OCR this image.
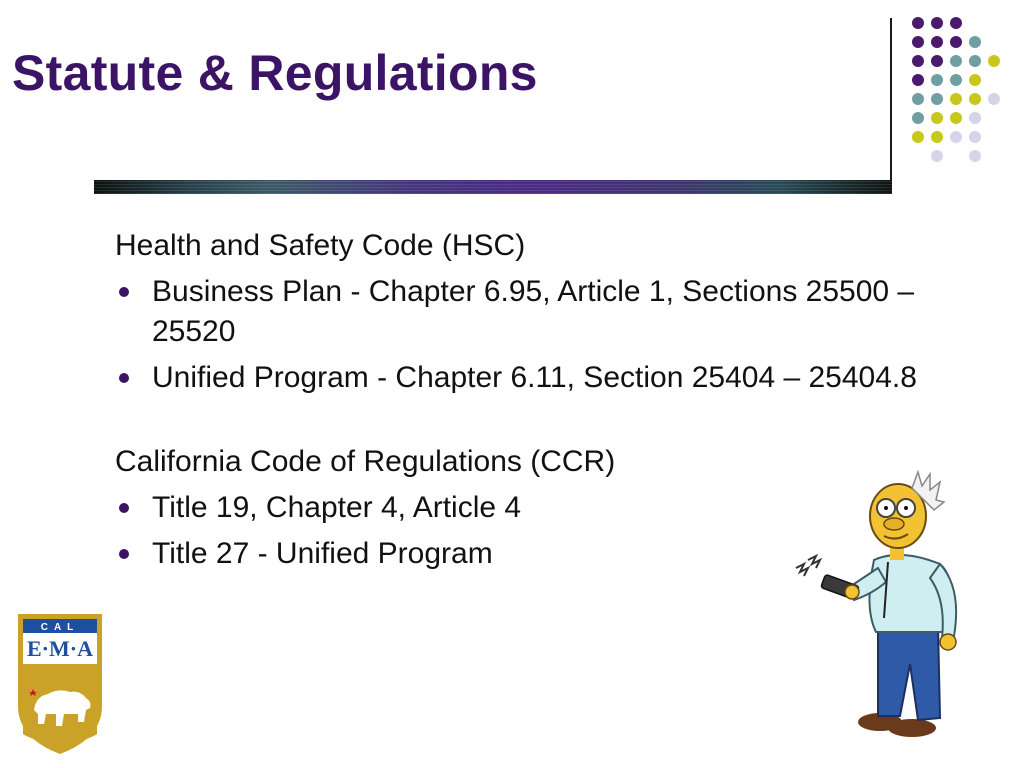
Statute & Regulations

Health and Safety Code (HSC)

Business Plan - Chapter 6.95, Article 1, Sections 25500 – 25520
Unified Program - Chapter 6.11, Section 25404 – 25404.8

California Code of Regulations (CCR)

Title 19, Chapter 4, Article 4
Title 27 - Unified Program
CAL
E·M·A
